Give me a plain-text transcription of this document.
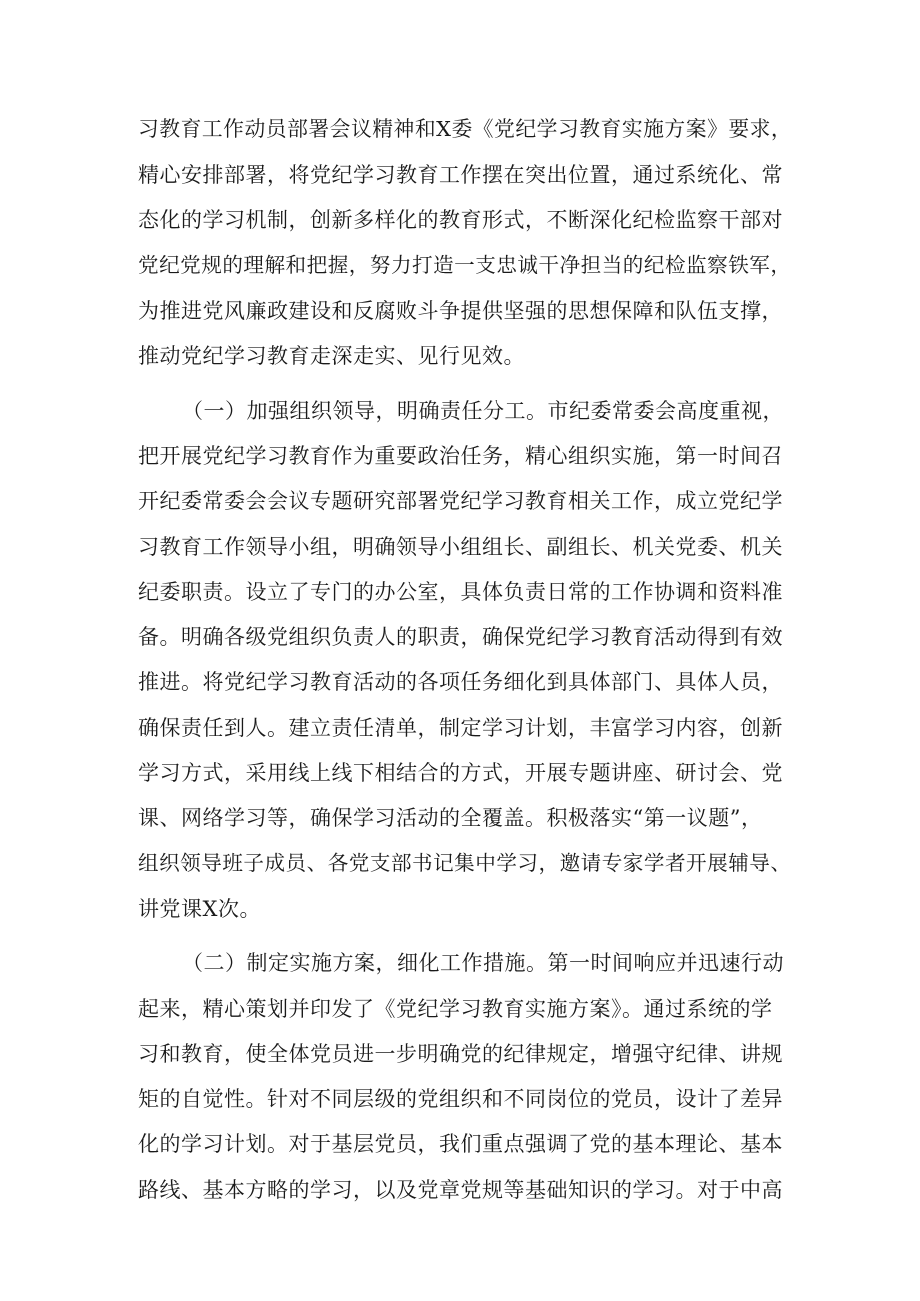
习教育工作动员部署会议精神和X委《党纪学习教育实施方案》要求，
精心安排部署，将党纪学习教育工作摆在突出位置，通过系统化、常
态化的学习机制，创新多样化的教育形式，不断深化纪检监察干部对
党纪党规的理解和把握，努力打造一支忠诚干净担当的纪检监察铁军，
为推进党风廉政建设和反腐败斗争提供坚强的思想保障和队伍支撑，
推动党纪学习教育走深走实、见行见效。
（一）加强组织领导，明确责任分工。市纪委常委会高度重视，
把开展党纪学习教育作为重要政治任务，精心组织实施，第一时间召
开纪委常委会会议专题研究部署党纪学习教育相关工作，成立党纪学
习教育工作领导小组，明确领导小组组长、副组长、机关党委、机关
纪委职责。设立了专门的办公室，具体负责日常的工作协调和资料准
备。明确各级党组织负责人的职责，确保党纪学习教育活动得到有效
推进。将党纪学习教育活动的各项任务细化到具体部门、具体人员，
确保责任到人。建立责任清单，制定学习计划，丰富学习内容，创新
学习方式，采用线上线下相结合的方式，开展专题讲座、研讨会、党
课、网络学习等，确保学习活动的全覆盖。积极落实“第一议题”，
组织领导班子成员、各党支部书记集中学习，邀请专家学者开展辅导、
讲党课X次。
（二）制定实施方案，细化工作措施。第一时间响应并迅速行动
起来，精心策划并印发了《党纪学习教育实施方案》。通过系统的学
习和教育，使全体党员进一步明确党的纪律规定，增强守纪律、讲规
矩的自觉性。针对不同层级的党组织和不同岗位的党员，设计了差异
化的学习计划。对于基层党员，我们重点强调了党的基本理论、基本
路线、基本方略的学习，以及党章党规等基础知识的学习。对于中高
